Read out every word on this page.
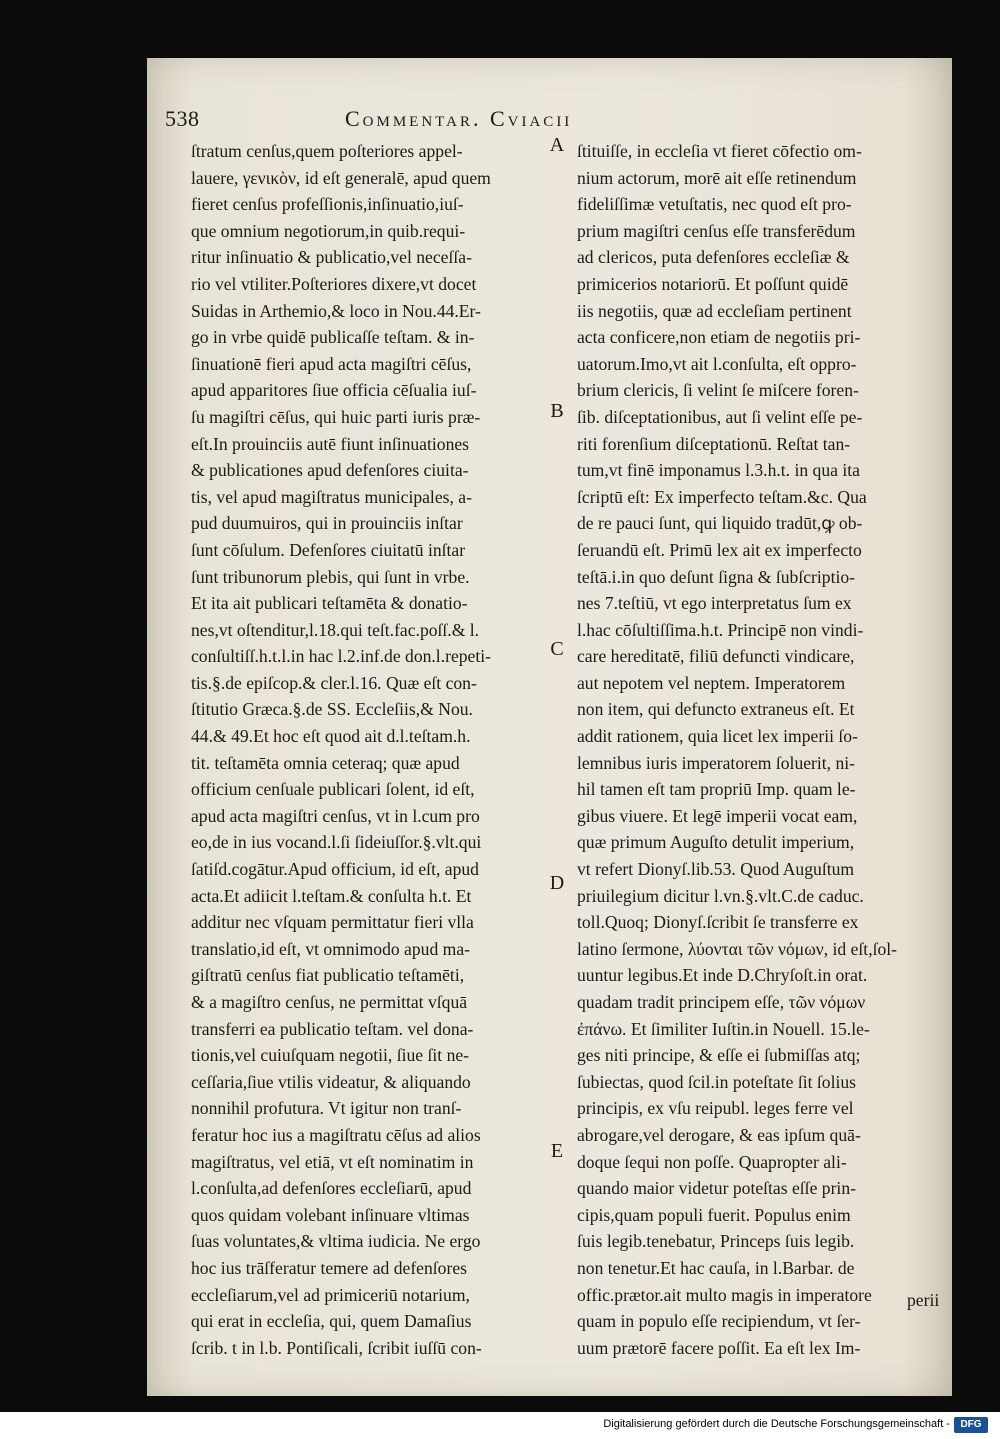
538	Commentar. Cviacii
ſtratum cenſus,quem poſteriores appel-
lauere, γενικὸν, id eſt generalē, apud quem
fieret cenſus profeſſionis,inſinuatio,iuſ-
que omnium negotiorum,in quib.requi-
ritur inſinuatio & publicatio,vel neceſſa-
rio vel vtiliter.Poſteriores dixere,vt docet
Suidas in Arthemio,& loco in Nou.44.Er-
go in vrbe quidē publicaſſe teſtam. & in-
ſinuationē fieri apud acta magiſtri cēſus,
apud apparitores ſiue officia cēſualia iuſ-
ſu magiſtri cēſus, qui huic parti iuris præ-
eſt.In prouinciis autē fiunt inſinuationes
& publicationes apud defenſores ciuita-
tis, vel apud magiſtratus municipales, a-
pud duumuiros, qui in prouinciis inſtar
ſunt cōſulum. Defenſores ciuitatū inſtar
ſunt tribunorum plebis, qui ſunt in vrbe.
Et ita ait publicari teſtamēta & donatio-
nes,vt oſtenditur,l.18.qui teſt.fac.poſſ.& l.
conſultiſſ.h.t.l.in hac l.2.inf.de don.l.repeti-
tis.§.de epiſcop.& cler.l.16. Quæ eſt con-
ſtitutio Græca.§.de SS. Eccleſiis,& Nou.
44.& 49.Et hoc eſt quod ait d.l.teſtam.h.
tit. teſtamēta omnia ceteraq; quæ apud
officium cenſuale publicari ſolent, id eſt,
apud acta magiſtri cenſus, vt in l.cum pro
eo,de in ius vocand.l.ſi ſideiuſſor.§.vlt.qui
ſatiſd.cogātur.Apud officium, id eſt, apud
acta.Et adiicit l.teſtam.& conſulta h.t. Et
additur nec vſquam permittatur fieri vlla
translatio,id eſt, vt omnimodo apud ma-
giſtratū cenſus fiat publicatio teſtamēti,
& a magiſtro cenſus, ne permittat vſquā
transferri ea publicatio teſtam. vel dona-
tionis,vel cuiuſquam negotii, ſiue ſit ne-
ceſſaria,ſiue vtilis videatur, & aliquando
nonnihil profutura. Vt igitur non tranſ-
feratur hoc ius a magiſtratu cēſus ad alios
magiſtratus, vel etiā, vt eſt nominatim in
l.conſulta,ad defenſores eccleſiarū, apud
quos quidam volebant inſinuare vltimas
ſuas voluntates,& vltima iudicia. Ne ergo
hoc ius trāſferatur temere ad defenſores
eccleſiarum,vel ad primiceriū notarium,
qui erat in eccleſia, qui, quem Damaſius
ſcrib. t in l.b. Pontiſicali, ſcribit iuſſū con-
ſtituiſſe, in eccleſia vt fieret cōfectio om-
nium actorum, morē ait eſſe retinendum
fideliſſimæ vetuſtatis, nec quod eſt pro-
prium magiſtri cenſus eſſe transferēdum
ad clericos, puta defenſores eccleſiæ &
primicerios notariorū. Et poſſunt quidē
iis negotiis, quæ ad eccleſiam pertinent
acta conficere,non etiam de negotiis pri-
uatorum.Imo,vt ait l.conſulta, eſt oppro-
brium clericis, ſi velint ſe miſcere foren-
ſib. diſceptationibus, aut ſi velint eſſe pe-
riti forenſium diſceptationū. Reſtat tan-
tum,vt finē imponamus l.3.h.t. in qua ita
ſcriptū eſt: Ex imperfecto teſtam.&c. Qua
de re pauci ſunt, qui liquido tradūt,ꝙ ob-
ſeruandū eſt. Primū lex ait ex imperfecto
teſtā.i.in quo deſunt ſigna & ſubſcriptio-
nes 7.teſtiū, vt ego interpretatus ſum ex
l.hac cōſultiſſima.h.t. Principē non vindi-
care hereditatē, filiū defuncti vindicare,
aut nepotem vel neptem. Imperatorem
non item, qui defuncto extraneus eſt. Et
addit rationem, quia licet lex imperii ſo-
lemnibus iuris imperatorem ſoluerit, ni-
hil tamen eſt tam propriū Imp. quam le-
gibus viuere. Et legē imperii vocat eam,
quæ primum Auguſto detulit imperium,
vt refert Dionyſ.lib.53. Quod Auguſtum
priuilegium dicitur l.vn.§.vlt.C.de caduc.
toll.Quoq; Dionyſ.ſcribit ſe transferre ex
latino ſermone, λύονται τῶν νόμων, id eſt,ſol-
uuntur legibus.Et inde D.Chryſoſt.in orat.
quadam tradit principem eſſe, τῶν νόμων
ἐπάνω. Et ſimiliter Iuſtin.in Nouell. 15.le-
ges niti principe, & eſſe ei ſubmiſſas atq;
ſubiectas, quod ſcil.in poteſtate ſit ſolius
principis, ex vſu reipubl. leges ferre vel
abrogare,vel derogare, & eas ipſum quā-
doque ſequi non poſſe. Quapropter ali-
quando maior videtur poteſtas eſſe prin-
cipis,quam populi fuerit. Populus enim
ſuis legib.tenebatur, Princeps ſuis legib.
non tenetur.Et hac cauſa, in l.Barbar. de
offic.prætor.ait multo magis in imperatore
quam in populo eſſe recipiendum, vt ſer-
uum prætorē facere poſſit. Ea eſt lex Im-
A
B
C
D
E
perii
Digitalisierung gefördert durch die Deutsche Forschungsgemeinschaft -	DFG
